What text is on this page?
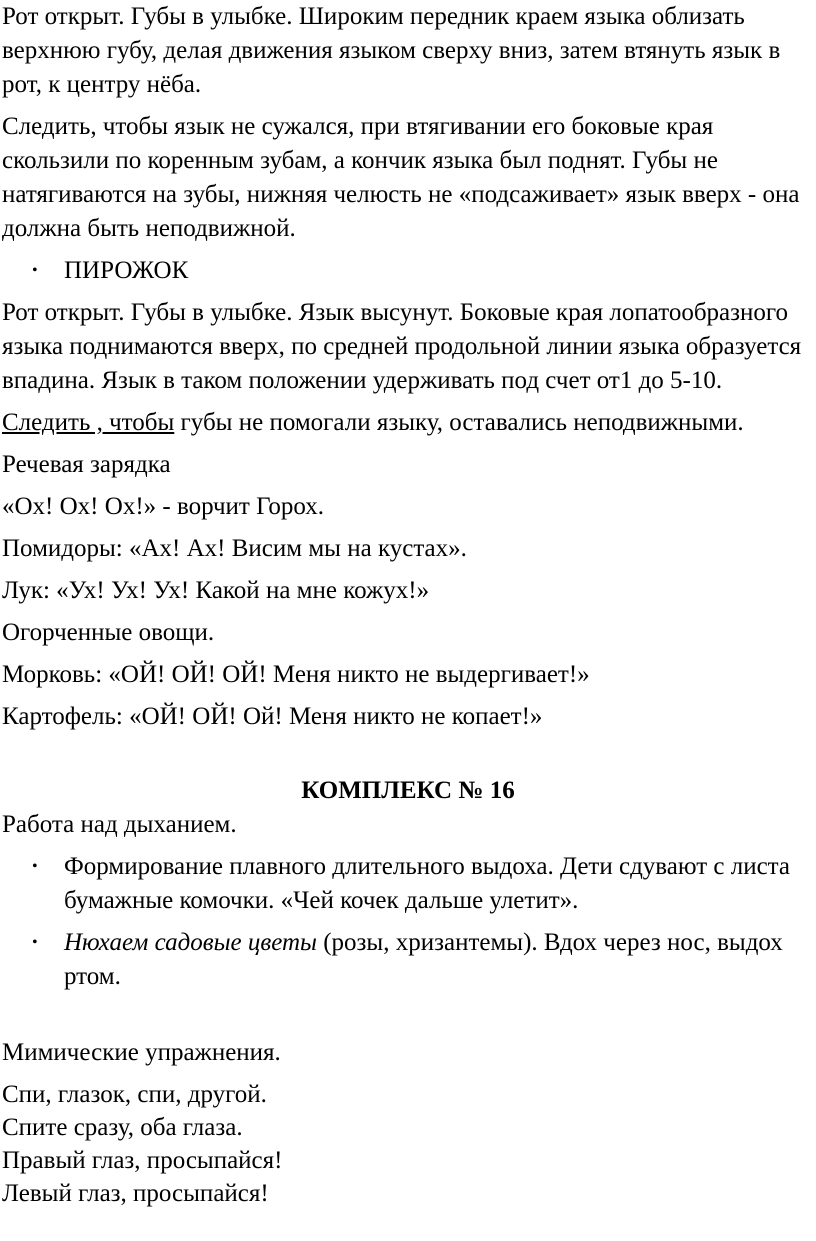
Рот открыт. Губы в улыбке. Широким передник краем языка облизать верхнюю губу, делая движения языком сверху вниз, затем втянуть язык в рот, к центру нёба.

Следить, чтобы язык не сужался, при втягивании его боковые края скользили по коренным зубам, а кончик языка был поднят. Губы не натягиваются на зубы, нижняя челюсть не «подсаживает» язык вверх - она должна быть неподвижной.

• ПИРОЖОК

Рот открыт. Губы в улыбке. Язык высунут. Боковые края лопатообразного языка поднимаются вверх, по средней продольной линии языка образуется впадина. Язык в таком положении удерживать под счет от1 до 5-10.

Следить , чтобы губы не помогали языку, оставались неподвижными.

Речевая зарядка

«Ох! Ох! Ох!» - ворчит Горох.

Помидоры: «Ах! Ах! Висим мы на кустах».

Лук: «Ух! Ух! Ух! Какой на мне кожух!»

Огорченные овощи.

Морковь: «ОЙ! ОЙ! ОЙ! Меня никто не выдергивает!»

Картофель: «ОЙ! ОЙ! Ой! Меня никто не копает!»

КОМПЛЕКС № 16

Работа над дыханием.

• Формирование плавного длительного выдоха. Дети сдувают с листа бумажные комочки. «Чей кочек дальше улетит».
• Нюхаем садовые цветы (розы, хризантемы). Вдох через нос, выдох ртом.

Мимические упражнения.

Спи, глазок, спи, другой.

Спите сразу, оба глаза.

Правый глаз, просыпайся!

Левый глаз, просыпайся!
